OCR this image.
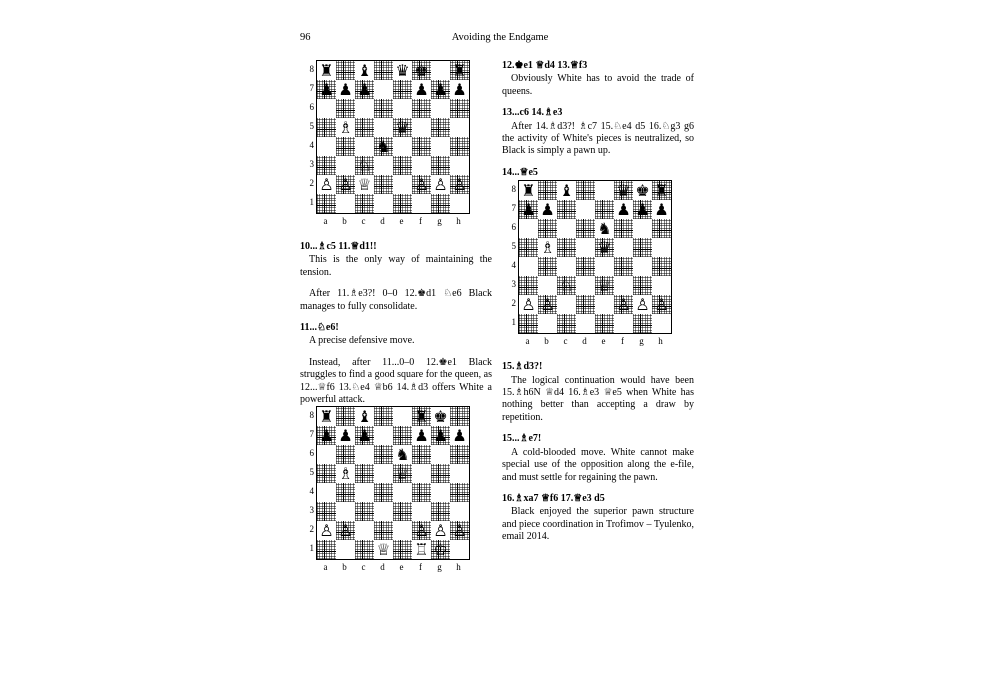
96	Avoiding the Endgame
8
7
6
5
4
3
2
1
♜ ♝ ♛ ♚ ♜
♟ ♟ ♟	♟ ♟ ♟
♗	♛
♞
♘
♙ ♙ ♕	♙ ♙ ♙
a	b	c	d	e	f	g	h

10...♗c5 11.♕d1!!

This is the only way of maintaining the tension.

After 11.♗e3?! 0–0 12.♚d1 ♘e6 Black manages to fully consolidate.

11...♘e6!

A precise defensive move.

Instead, after 11...0–0 12.♚e1 Black struggles to find a good square for the queen, as 12...♕f6 13.♘e4 ♕b6 14.♗d3 offers White a powerful attack.

8
7
6
5
4
3
2
1
♜ ♝	♜ ♚
♟ ♟ ♟	♟ ♟ ♟
♞
♗	♕
♙ ♙	♙ ♙ ♙
♕ ♖ ♔
a	b	c	d	e	f	g	h

12.♚e1 ♕d4 13.♕f3

Obviously White has to avoid the trade of queens.

13...c6 14.♗e3

After 14.♗d3?! ♗c7 15.♘e4 d5 16.♘g3 g6 the activity of White's pieces is neutralized, so Black is simply a pawn up.

14...♕e5

8
7
6
5
4
3
2
1
♜ ♝	♛ ♚ ♜
♟ ♟	♟ ♟ ♟
♞
♗	♛
♘ ♕
♙ ♙	♙ ♙ ♙
a	b	c	d	e	f	g	h

15.♗d3?!

The logical continuation would have been 15.♗h6N ♕d4 16.♗e3 ♕e5 when White has nothing better than accepting a draw by repetition.

15...♗e7!

A cold-blooded move. White cannot make special use of the opposition along the e-file, and must settle for regaining the pawn.

16.♗xa7 ♕f6 17.♕e3 d5

Black enjoyed the superior pawn structure and piece coordination in Trofimov – Tyulenko, email 2014.
